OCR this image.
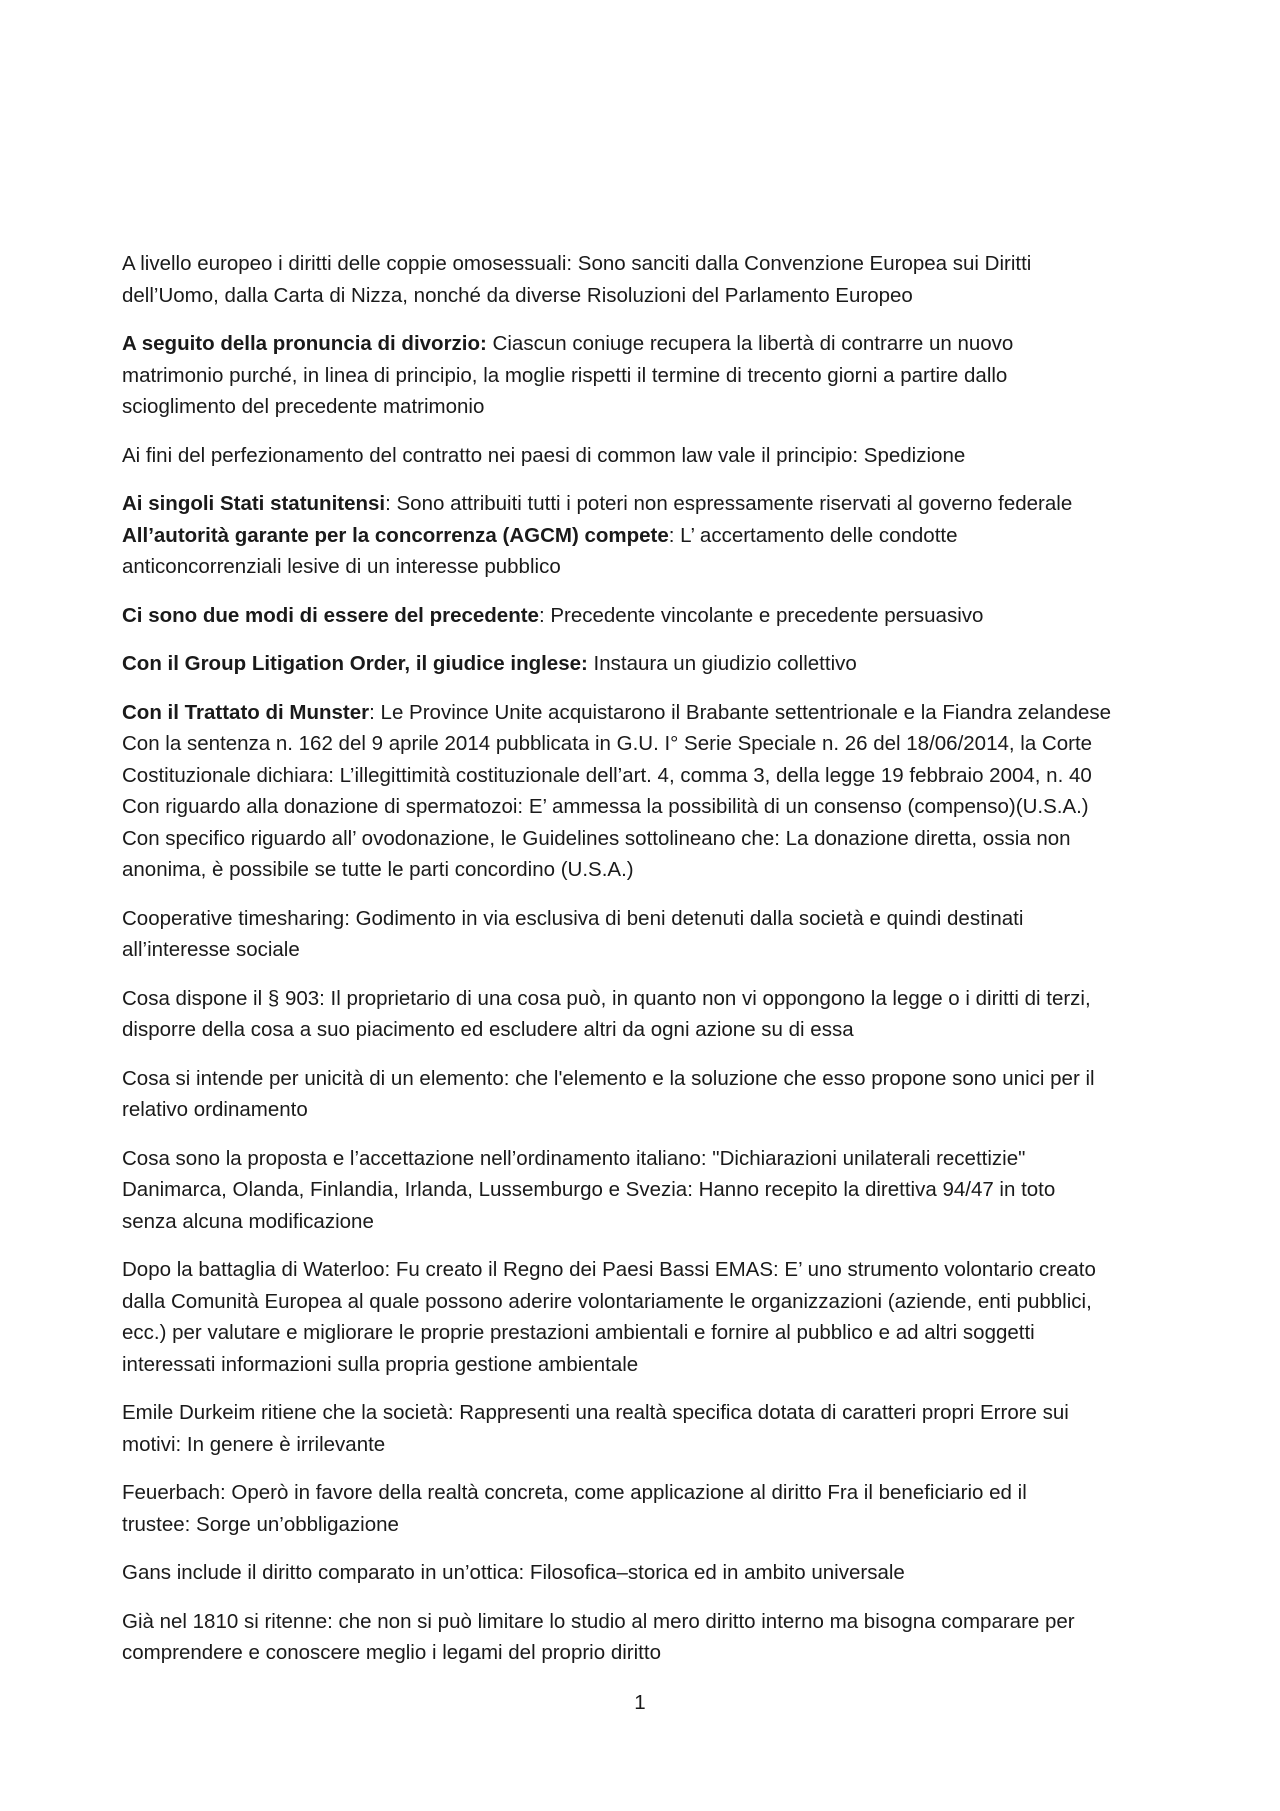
A livello europeo i diritti delle coppie omosessuali: Sono sanciti dalla Convenzione Europea sui Diritti
dell’Uomo, dalla Carta di Nizza, nonché da diverse Risoluzioni del Parlamento Europeo

A seguito della pronuncia di divorzio: Ciascun coniuge recupera la libertà di contrarre un nuovo
matrimonio purché, in linea di principio, la moglie rispetti il termine di trecento giorni a partire dallo
scioglimento del precedente matrimonio

Ai fini del perfezionamento del contratto nei paesi di common law vale il principio: Spedizione

Ai singoli Stati statunitensi: Sono attribuiti tutti i poteri non espressamente riservati al governo federale

All’autorità garante per la concorrenza (AGCM) compete: L’ accertamento delle condotte
anticoncorrenziali lesive di un interesse pubblico

Ci sono due modi di essere del precedente: Precedente vincolante e precedente persuasivo

Con il Group Litigation Order, il giudice inglese: Instaura un giudizio collettivo

Con il Trattato di Munster: Le Province Unite acquistarono il Brabante settentrionale e la Fiandra zelandese
Con la sentenza n. 162 del 9 aprile 2014 pubblicata in G.U. I° Serie Speciale n. 26 del 18/06/2014, la Corte
Costituzionale dichiara: L’illegittimità costituzionale dell’art. 4, comma 3, della legge 19 febbraio 2004, n. 40
Con riguardo alla donazione di spermatozoi: E’ ammessa la possibilità di un consenso (compenso)(U.S.A.)
Con specifico riguardo all’ ovodonazione, le Guidelines sottolineano che: La donazione diretta, ossia non
anonima, è possibile se tutte le parti concordino (U.S.A.)

Cooperative timesharing: Godimento in via esclusiva di beni detenuti dalla società e quindi destinati
all’interesse sociale

Cosa dispone il § 903: Il proprietario di una cosa può, in quanto non vi oppongono la legge o i diritti di terzi,
disporre della cosa a suo piacimento ed escludere altri da ogni azione su di essa

Cosa si intende per unicità di un elemento: che l'elemento e la soluzione che esso propone sono unici per il
relativo ordinamento

Cosa sono la proposta e l’accettazione nell’ordinamento italiano: "Dichiarazioni unilaterali recettizie"
Danimarca, Olanda, Finlandia, Irlanda, Lussemburgo e Svezia: Hanno recepito la direttiva 94/47 in toto
senza alcuna modificazione

Dopo la battaglia di Waterloo: Fu creato il Regno dei Paesi Bassi EMAS: E’ uno strumento volontario creato
dalla Comunità Europea al quale possono aderire volontariamente le organizzazioni (aziende, enti pubblici,
ecc.) per valutare e migliorare le proprie prestazioni ambientali e fornire al pubblico e ad altri soggetti
interessati informazioni sulla propria gestione ambientale

Emile Durkeim ritiene che la società: Rappresenti una realtà specifica dotata di caratteri propri Errore sui
motivi: In genere è irrilevante

Feuerbach: Operò in favore della realtà concreta, come applicazione al diritto Fra il beneficiario ed il
trustee: Sorge un’obbligazione

Gans include il diritto comparato in un’ottica: Filosofica–storica ed in ambito universale

Già nel 1810 si ritenne: che non si può limitare lo studio al mero diritto interno ma bisogna comparare per
comprendere e conoscere meglio i legami del proprio diritto

1
